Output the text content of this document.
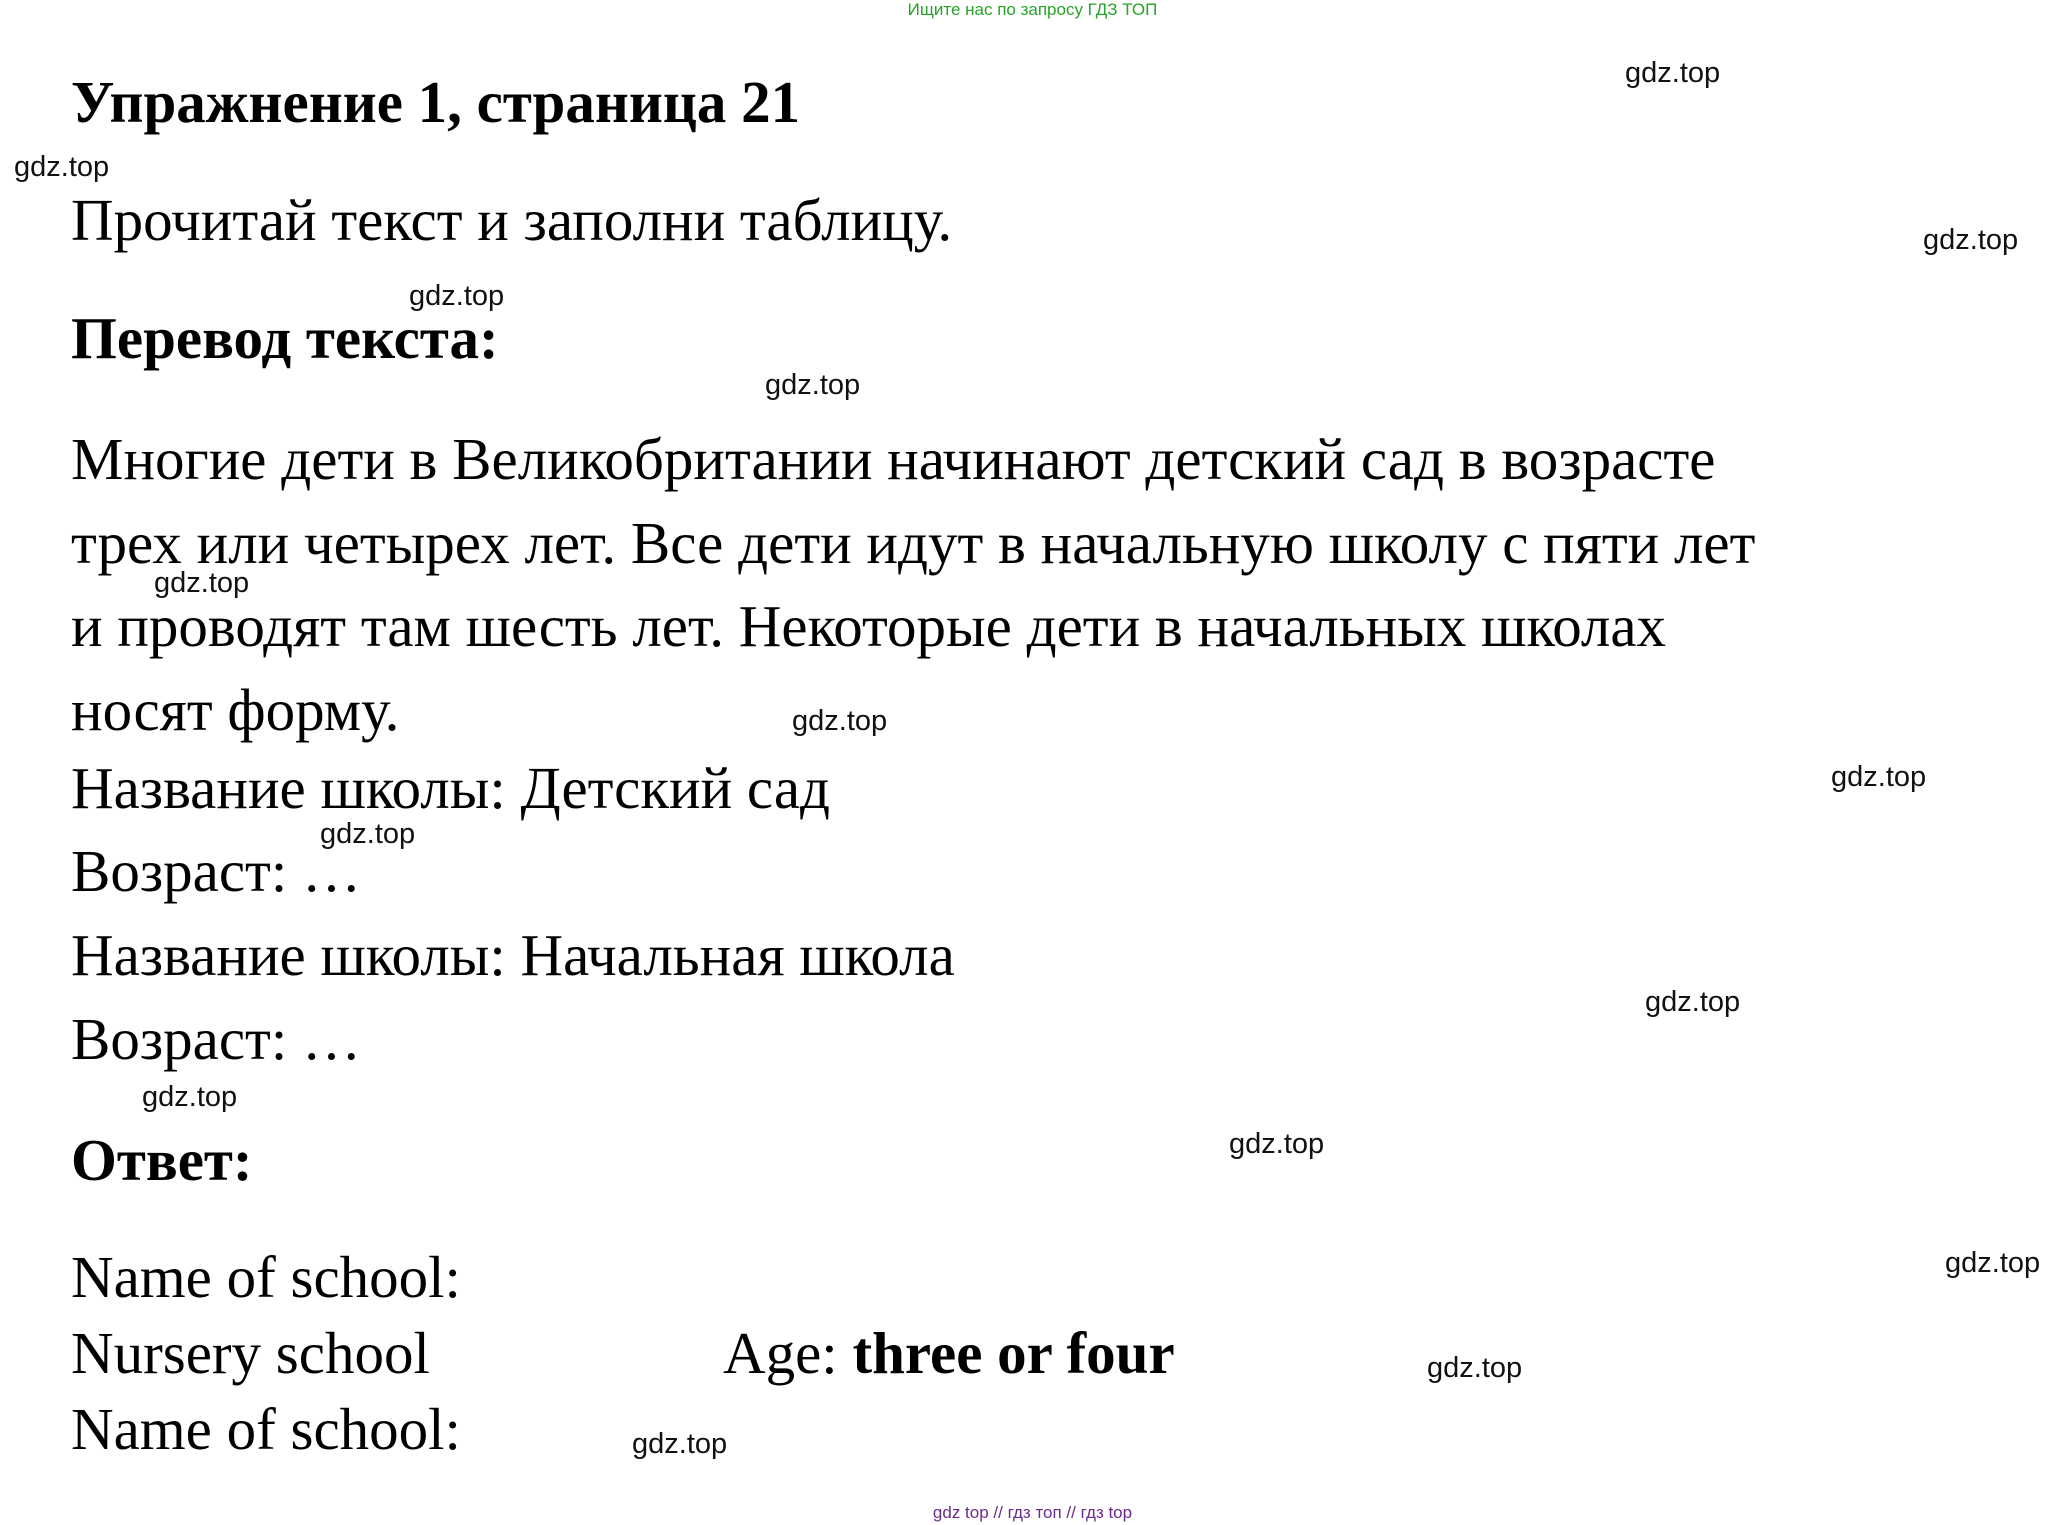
Ищите нас по запросу ГДЗ ТОП
Упражнение 1, страница 21
Прочитай текст и заполни таблицу.
Перевод текста:
Многие дети в Великобритании начинают детский сад в возрасте
трех или четырех лет. Все дети идут в начальную школу с пяти лет
и проводят там шесть лет. Некоторые дети в начальных школах
носят форму.
Название школы: Детский сад
Возраст: …
Название школы: Начальная школа
Возраст: …
Ответ:
Name of school:
Nursery school	Age: three or four
Name of school:
gdz.top
gdz.top
gdz.top
gdz.top
gdz.top
gdz.top
gdz.top
gdz.top
gdz.top
gdz.top
gdz.top
gdz.top
gdz.top
gdz.top
gdz.top
gdz top // гдз топ // гдз top
